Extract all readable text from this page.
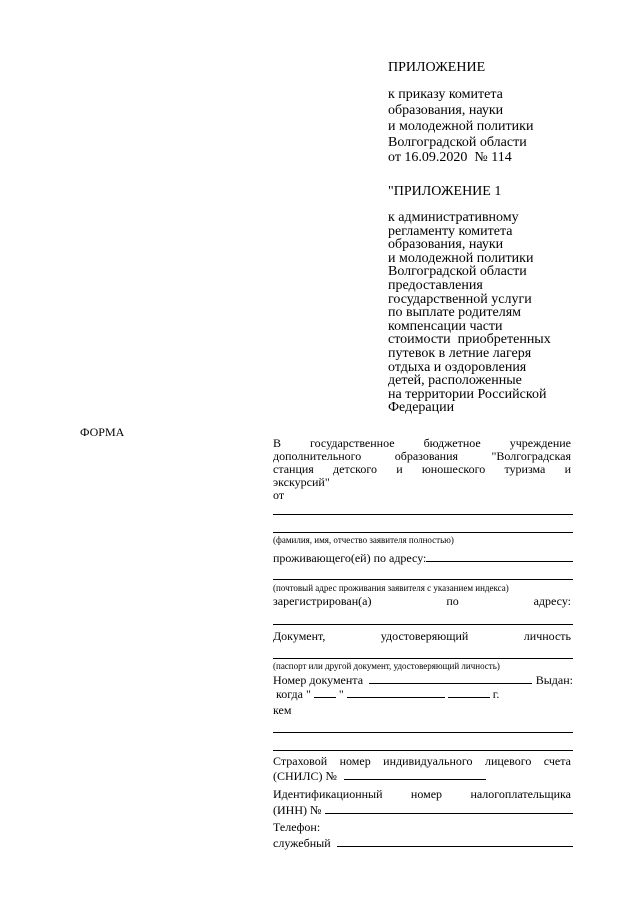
ПРИЛОЖЕНИЕ
к приказу комитета
образования, науки
и молодежной политики
Волгоградской области
от 16.09.2020  № 114
"ПРИЛОЖЕНИЕ 1
к административному
регламенту комитета
образования, науки
и молодежной политики
Волгоградской области
предоставления
государственной услуги
по выплате родителям
компенсации части
стоимости  приобретенных
путевок в летние лагеря
отдыха и оздоровления
детей, расположенные
на территории Российской
Федерации
ФОРМА
В государственное бюджетное учреждение
дополнительного образования "Волгоградская
станция детского и юношеского туризма и
экскурсий"
от
(фамилия, имя, отчество заявителя полностью)
проживающего(ей) по адресу:
(почтовый адрес проживания заявителя с указанием индекса)
зарегистрирован(а)	по	адресу:
Документ,	удостоверяющий	личность
(паспорт или другой документ, удостоверяющий личность)
Номер документа	Выдан:
когда " "	г.
кем
Страховой номер индивидуального лицевого счета
(СНИЛС) №
Идентификационный номер налогоплательщика
(ИНН) №
Телефон:
служебный
